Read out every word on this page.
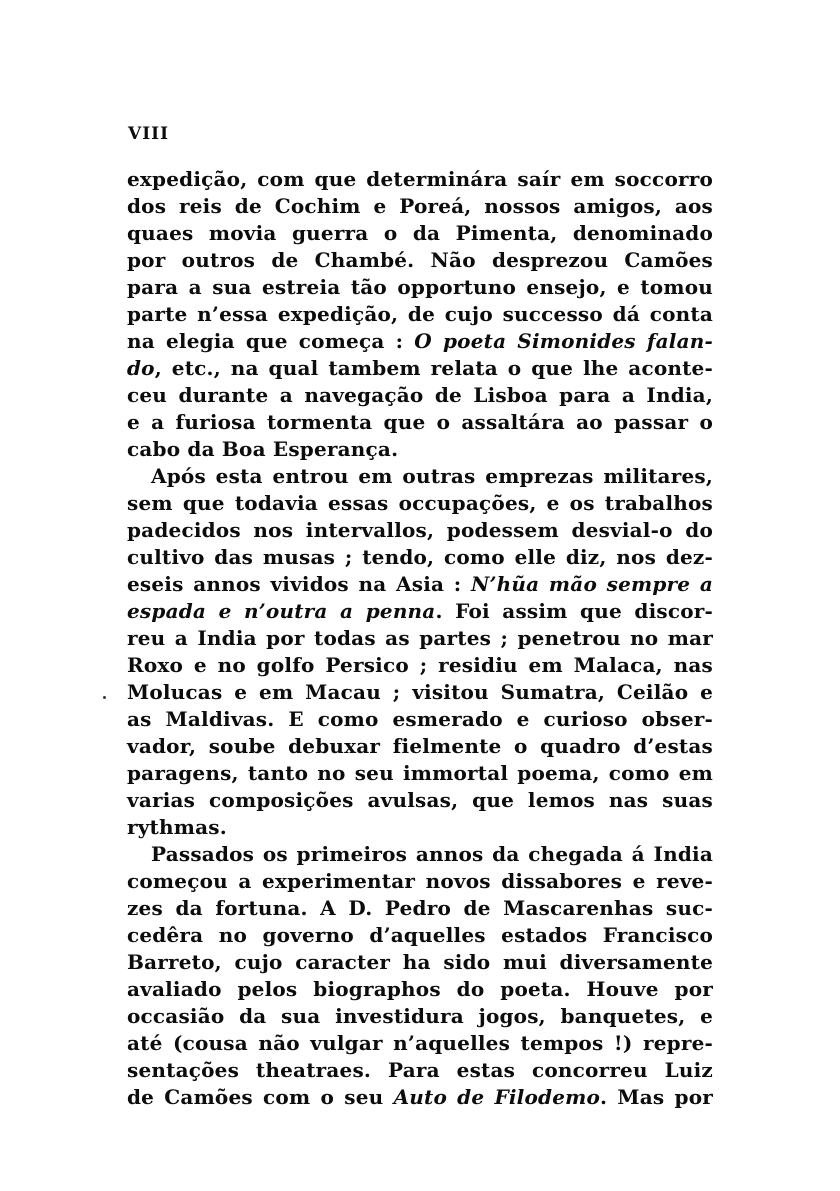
VIII
expedição, com que determinára saír em soccorro
dos reis de Cochim e Poreá, nossos amigos, aos
quaes movia guerra o da Pimenta, denominado
por outros de Chambé. Não desprezou Camões
para a sua estreia tão opportuno ensejo, e tomou
parte n’essa expedição, de cujo successo dá conta
na elegia que começa : O poeta Simonides falan-
do, etc., na qual tambem relata o que lhe aconte-
ceu durante a navegação de Lisboa para a India,
e a furiosa tormenta que o assaltára ao passar o
cabo da Boa Esperança.
Após esta entrou em outras emprezas militares,
sem que todavia essas occupações, e os trabalhos
padecidos nos intervallos, podessem desvial-o do
cultivo das musas ; tendo, como elle diz, nos dez-
eseis annos vividos na Asia : N’hũa mão sempre a
espada e n’outra a penna. Foi assim que discor-
reu a India por todas as partes ; penetrou no mar
Roxo e no golfo Persico ; residiu em Malaca, nas
Molucas e em Macau ; visitou Sumatra, Ceilão e
as Maldivas. E como esmerado e curioso obser-
vador, soube debuxar fielmente o quadro d’estas
paragens, tanto no seu immortal poema, como em
varias composições avulsas, que lemos nas suas
rythmas.
Passados os primeiros annos da chegada á India
começou a experimentar novos dissabores e reve-
zes da fortuna. A D. Pedro de Mascarenhas suc-
cedêra no governo d’aquelles estados Francisco
Barreto, cujo caracter ha sido mui diversamente
avaliado pelos biographos do poeta. Houve por
occasião da sua investidura jogos, banquetes, e
até (cousa não vulgar n’aquelles tempos !) repre-
sentações theatraes. Para estas concorreu Luiz
de Camões com o seu Auto de Filodemo. Mas por
